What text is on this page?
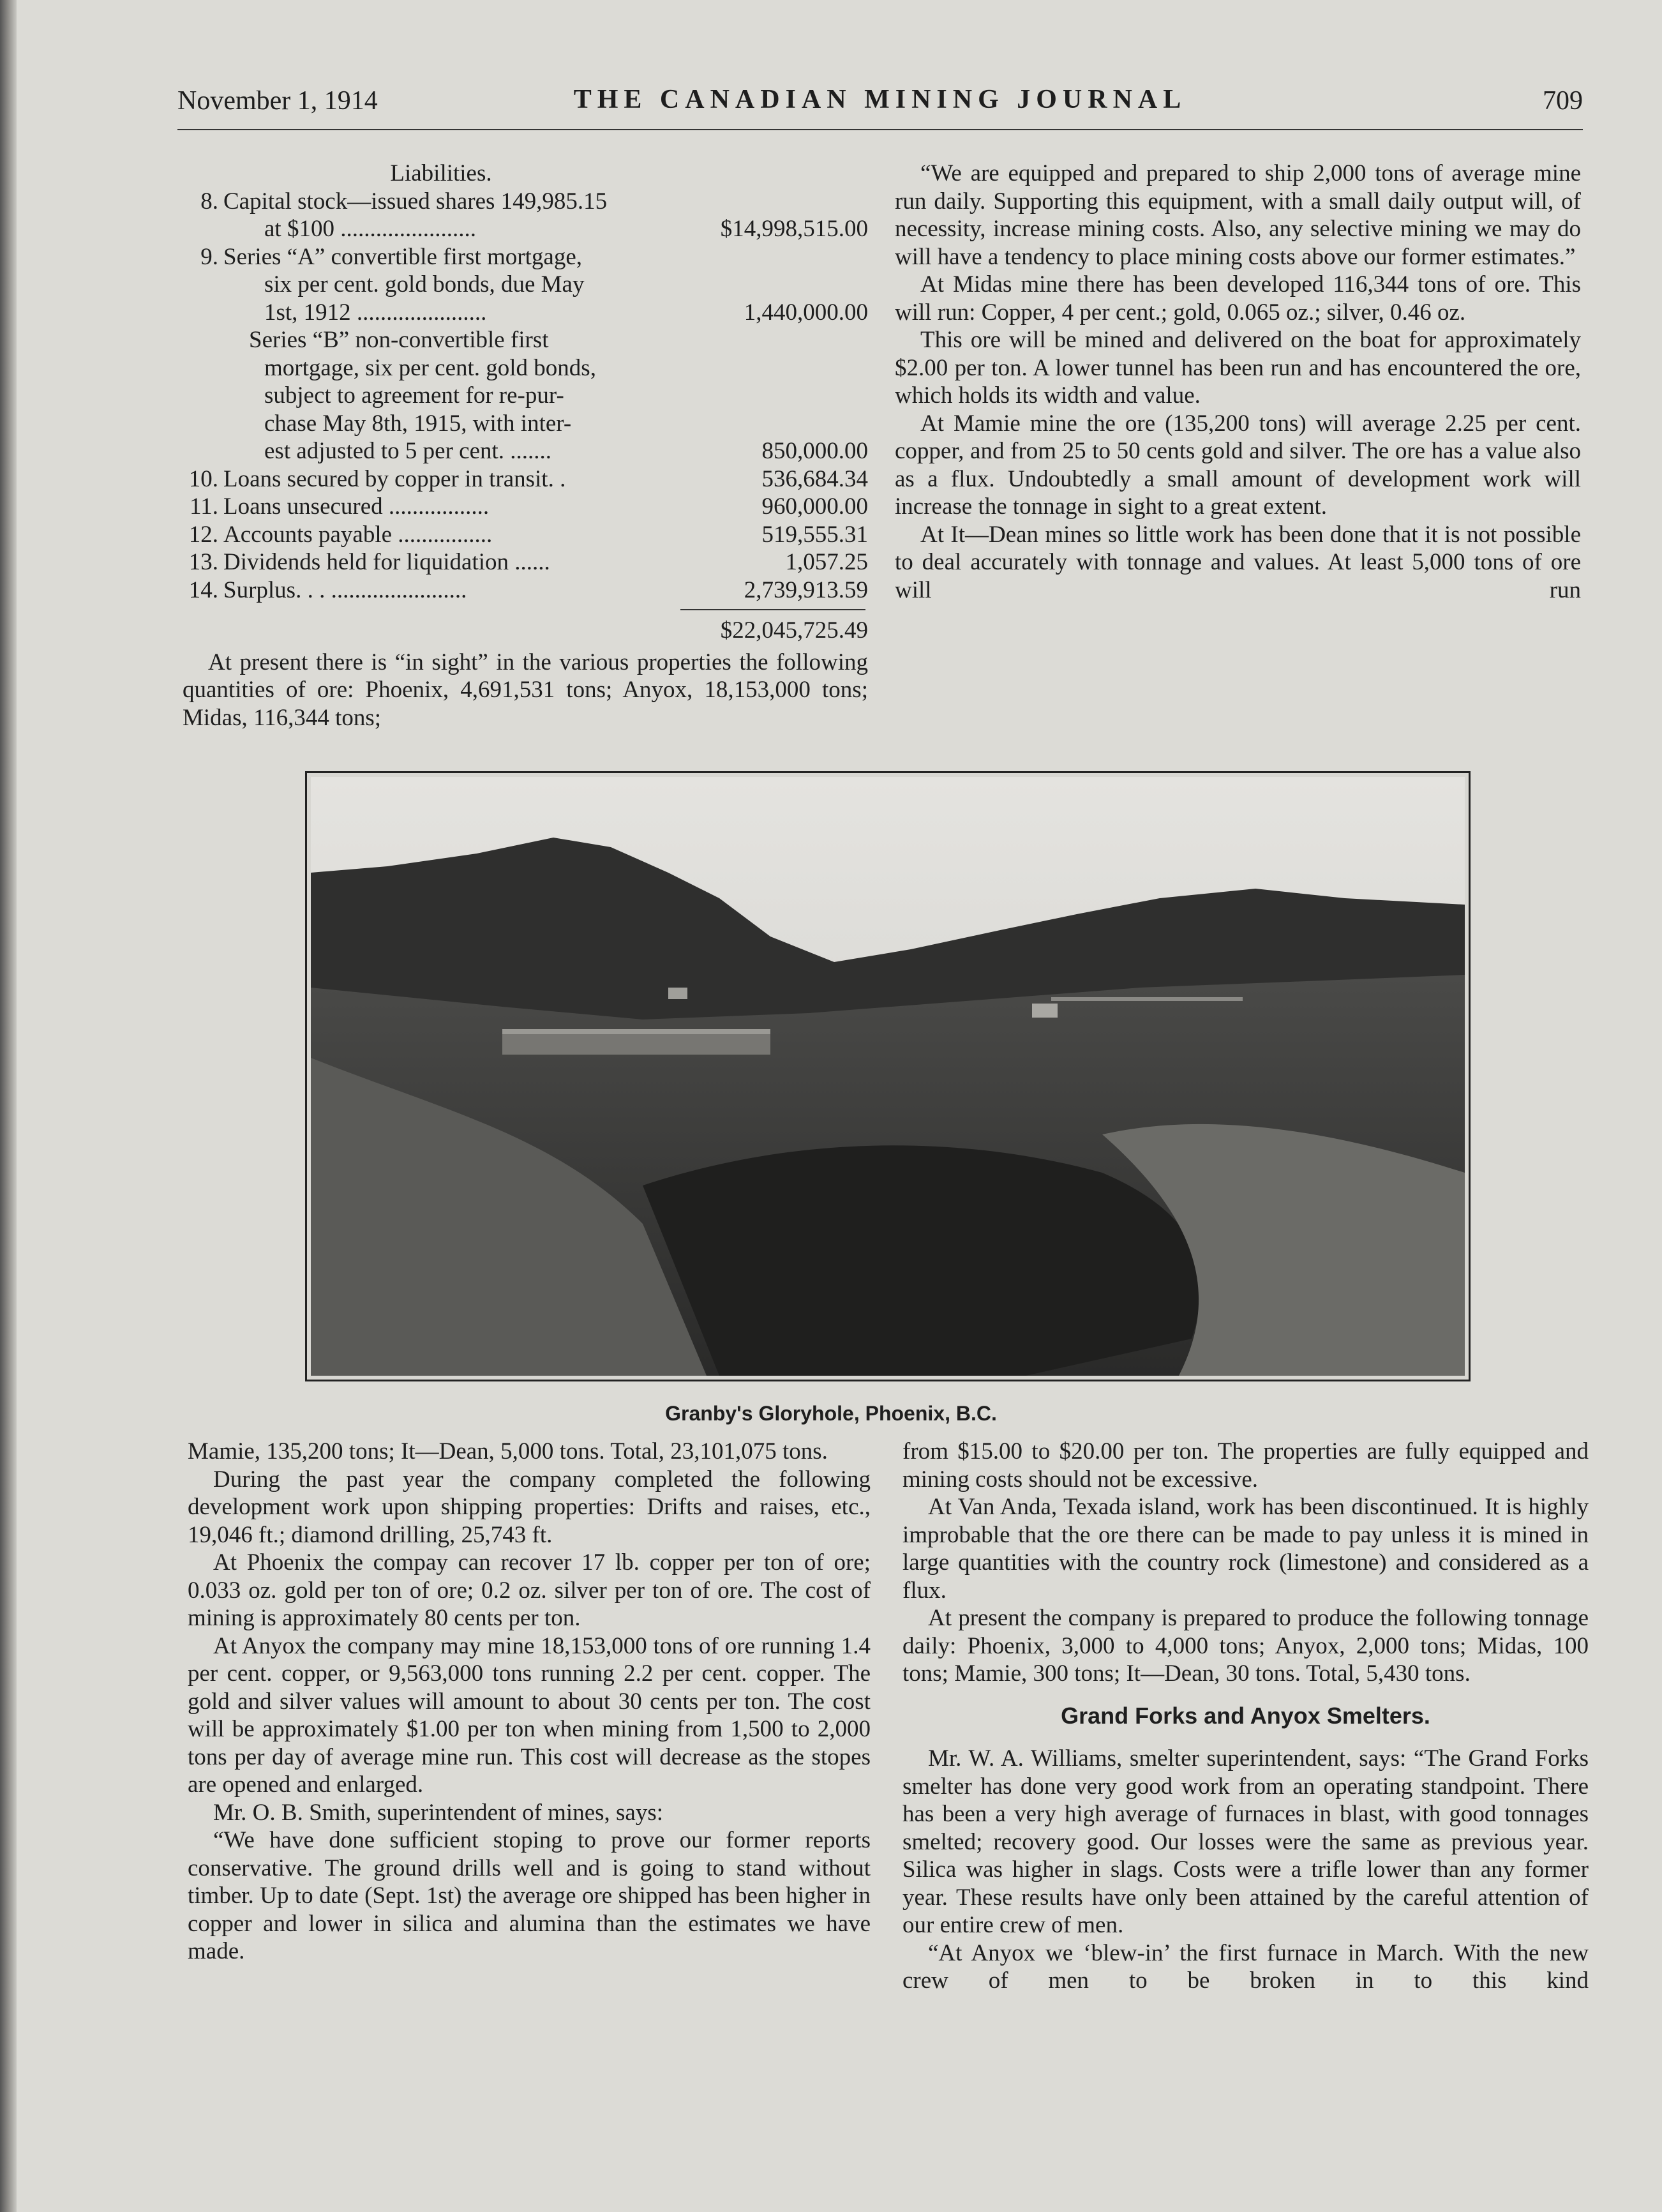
November 1, 1914	THE CANADIAN MINING JOURNAL	709
Liabilities.
8. Capital stock—issued shares 149,985.15
at $100 .......................	$14,998,515.00
9. Series “A” convertible first mortgage,
six per cent. gold bonds, due May
1st, 1912 ......................	1,440,000.00
Series “B” non-convertible first
mortgage, six per cent. gold bonds,
subject to agreement for re-pur-
chase May 8th, 1915, with inter-
est adjusted to 5 per cent. .......	850,000.00
10. Loans secured by copper in transit. .	536,684.34
11. Loans unsecured .................	960,000.00
12. Accounts payable ................	519,555.31
13. Dividends held for liquidation ......	1,057.25
14. Surplus. . . .......................	2,739,913.59
$22,045,725.49

At present there is “in sight” in the various properties the following quantities of ore: Phoenix, 4,691,531 tons; Anyox, 18,153,000 tons; Midas, 116,344 tons;

“We are equipped and prepared to ship 2,000 tons of average mine run daily. Supporting this equipment, with a small daily output will, of necessity, increase mining costs. Also, any selective mining we may do will have a tendency to place mining costs above our former estimates.”

At Midas mine there has been developed 116,344 tons of ore. This will run: Copper, 4 per cent.; gold, 0.065 oz.; silver, 0.46 oz.

This ore will be mined and delivered on the boat for approximately $2.00 per ton. A lower tunnel has been run and has encountered the ore, which holds its width and value.

At Mamie mine the ore (135,200 tons) will average 2.25 per cent. copper, and from 25 to 50 cents gold and silver. The ore has a value also as a flux. Undoubtedly a small amount of development work will increase the tonnage in sight to a great extent.

At It—Dean mines so little work has been done that it is not possible to deal accurately with tonnage and values. At least 5,000 tons of ore will run

Granby's Gloryhole, Phoenix, B.C.

Mamie, 135,200 tons; It—Dean, 5,000 tons. Total, 23,101,075 tons.

During the past year the company completed the following development work upon shipping properties: Drifts and raises, etc., 19,046 ft.; diamond drilling, 25,743 ft.

At Phoenix the compay can recover 17 lb. copper per ton of ore; 0.033 oz. gold per ton of ore; 0.2 oz. silver per ton of ore. The cost of mining is approximately 80 cents per ton.

At Anyox the company may mine 18,153,000 tons of ore running 1.4 per cent. copper, or 9,563,000 tons running 2.2 per cent. copper. The gold and silver values will amount to about 30 cents per ton. The cost will be approximately $1.00 per ton when mining from 1,500 to 2,000 tons per day of average mine run. This cost will decrease as the stopes are opened and enlarged.

Mr. O. B. Smith, superintendent of mines, says:

“We have done sufficient stoping to prove our former reports conservative. The ground drills well and is going to stand without timber. Up to date (Sept. 1st) the average ore shipped has been higher in copper and lower in silica and alumina than the estimates we have made.

from $15.00 to $20.00 per ton. The properties are fully equipped and mining costs should not be excessive.

At Van Anda, Texada island, work has been discontinued. It is highly improbable that the ore there can be made to pay unless it is mined in large quantities with the country rock (limestone) and considered as a flux.

At present the company is prepared to produce the following tonnage daily: Phoenix, 3,000 to 4,000 tons; Anyox, 2,000 tons; Midas, 100 tons; Mamie, 300 tons; It—Dean, 30 tons. Total, 5,430 tons.

Grand Forks and Anyox Smelters.

Mr. W. A. Williams, smelter superintendent, says: “The Grand Forks smelter has done very good work from an operating standpoint. There has been a very high average of furnaces in blast, with good tonnages smelted; recovery good. Our losses were the same as previous year. Silica was higher in slags. Costs were a trifle lower than any former year. These results have only been attained by the careful attention of our entire crew of men.

“At Anyox we ‘blew-in’ the first furnace in March. With the new crew of men to be broken in to this kind
